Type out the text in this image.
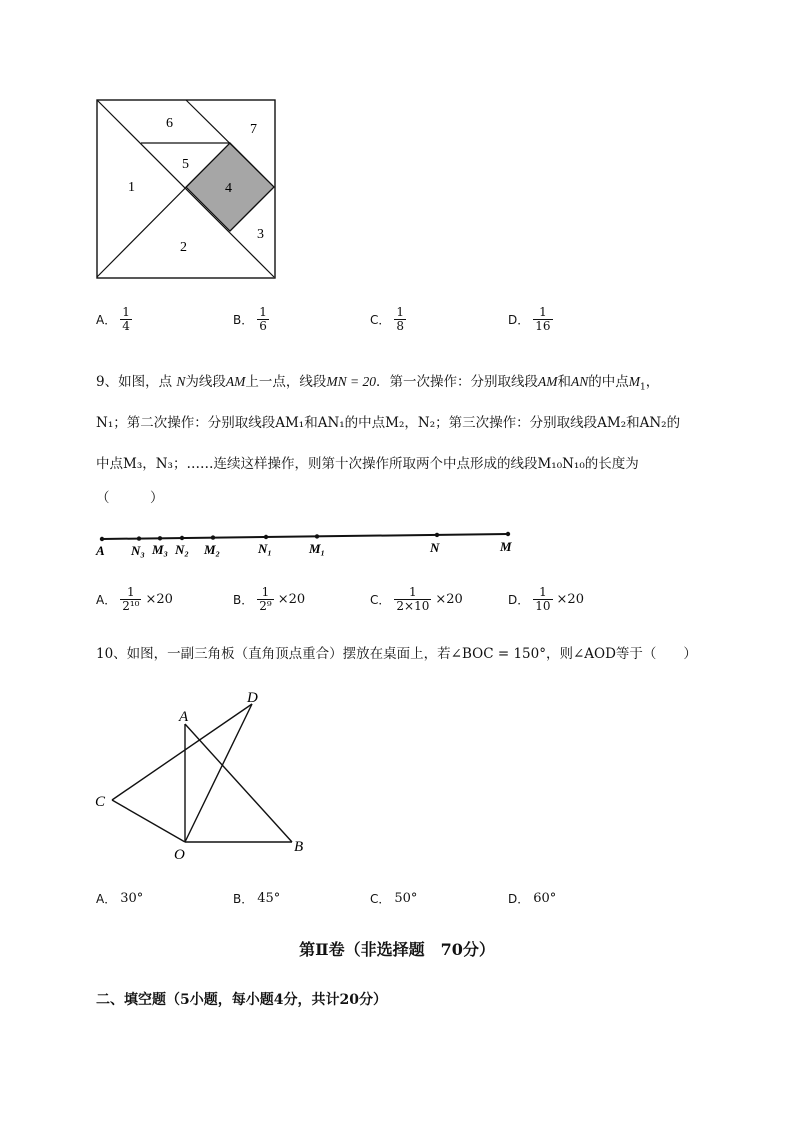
6	7
5
1	4
3
2
A． $\frac{1}{4}$	B． $\frac{1}{6}$	C． $\frac{1}{8}$	D． $\frac{1}{16}$
9、如图，点 N为线段AM上一点，线段MN = 20．第一次操作：分别取线段AM和AN的中点$M_1$，
N₁；第二次操作：分别取线段AM₁和AN₁的中点M₂，N₂；第三次操作：分别取线段AM₂和AN₂的
中点M₃，N₃；……连续这样操作，则第十次操作所取两个中点形成的线段M₁₀N₁₀的长度为
（　　　）
A N₃ M₃ N₂ M₂	N₁	M₁	N	M
A． $\frac{1}{\text{2¹⁰}} \times 20$	B． $\frac{1}{\text{2⁹}} \times 20$	C． $\frac{1}{2\times 10} \times 20$	D． $\frac{1}{10} \times 20$
10、如图，一副三角板（直角顶点重合）摆放在桌面上，若∠BOC = 150°，则∠AOD等于（　　）
A
D
C
O	B
A． 30°	B． 45°	C． 50°	D． 60°
第Ⅱ卷（非选择题　70分）
二、填空题（5小题，每小题4分，共计20分）
